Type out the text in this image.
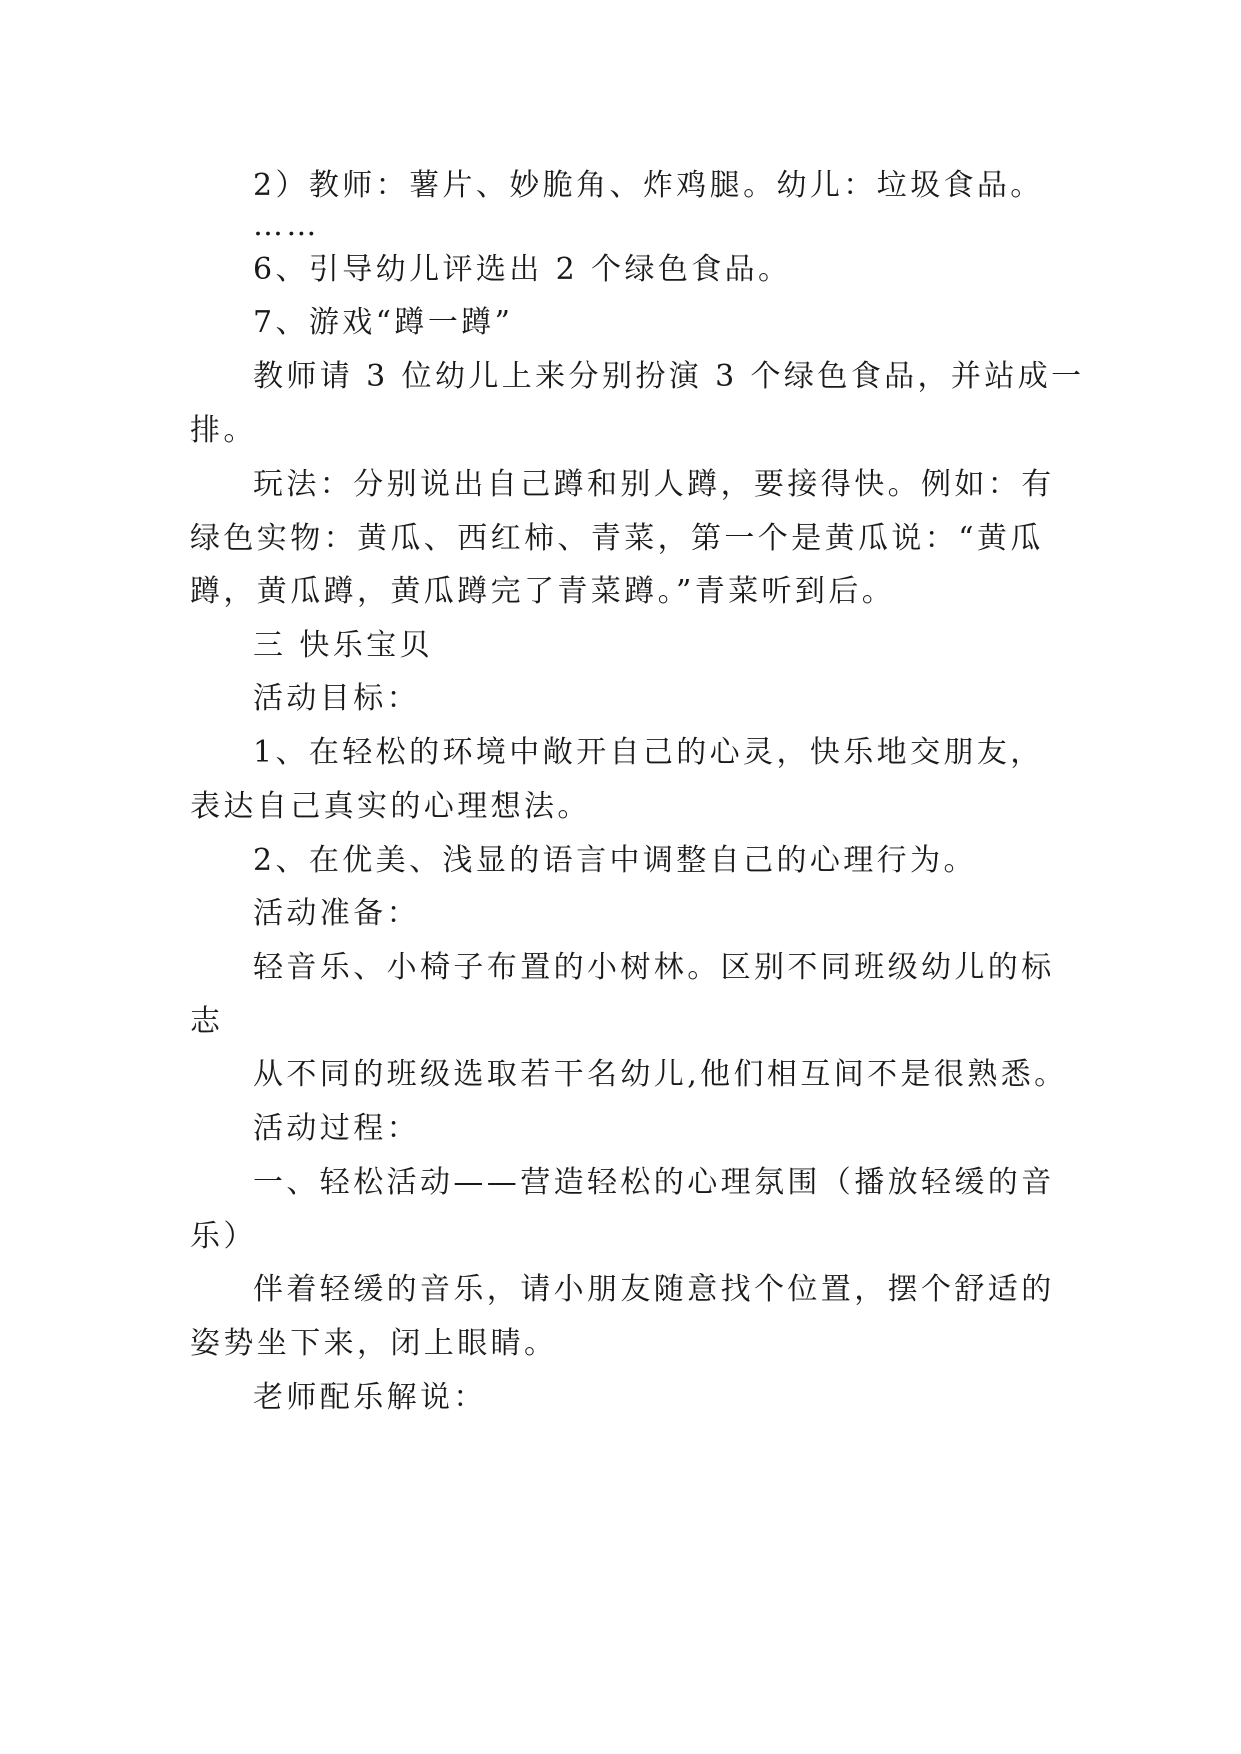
2）教师：薯片、妙脆角、炸鸡腿。幼儿：垃圾食品。
……
6、引导幼儿评选出 2 个绿色食品。
7、游戏“蹲一蹲”
教师请 3 位幼儿上来分别扮演 3 个绿色食品，并站成一
排。
玩法：分别说出自己蹲和别人蹲，要接得快。例如：有
绿色实物：黄瓜、西红柿、青菜，第一个是黄瓜说：“黄瓜
蹲，黄瓜蹲，黄瓜蹲完了青菜蹲。”青菜听到后。
三 快乐宝贝
活动目标：
1、在轻松的环境中敞开自己的心灵，快乐地交朋友，
表达自己真实的心理想法。
2、在优美、浅显的语言中调整自己的心理行为。
活动准备：
轻音乐、小椅子布置的小树林。区别不同班级幼儿的标
志
从不同的班级选取若干名幼儿,他们相互间不是很熟悉。
活动过程：
一、轻松活动——营造轻松的心理氛围（播放轻缓的音
乐）
伴着轻缓的音乐，请小朋友随意找个位置，摆个舒适的
姿势坐下来，闭上眼睛。
老师配乐解说：
